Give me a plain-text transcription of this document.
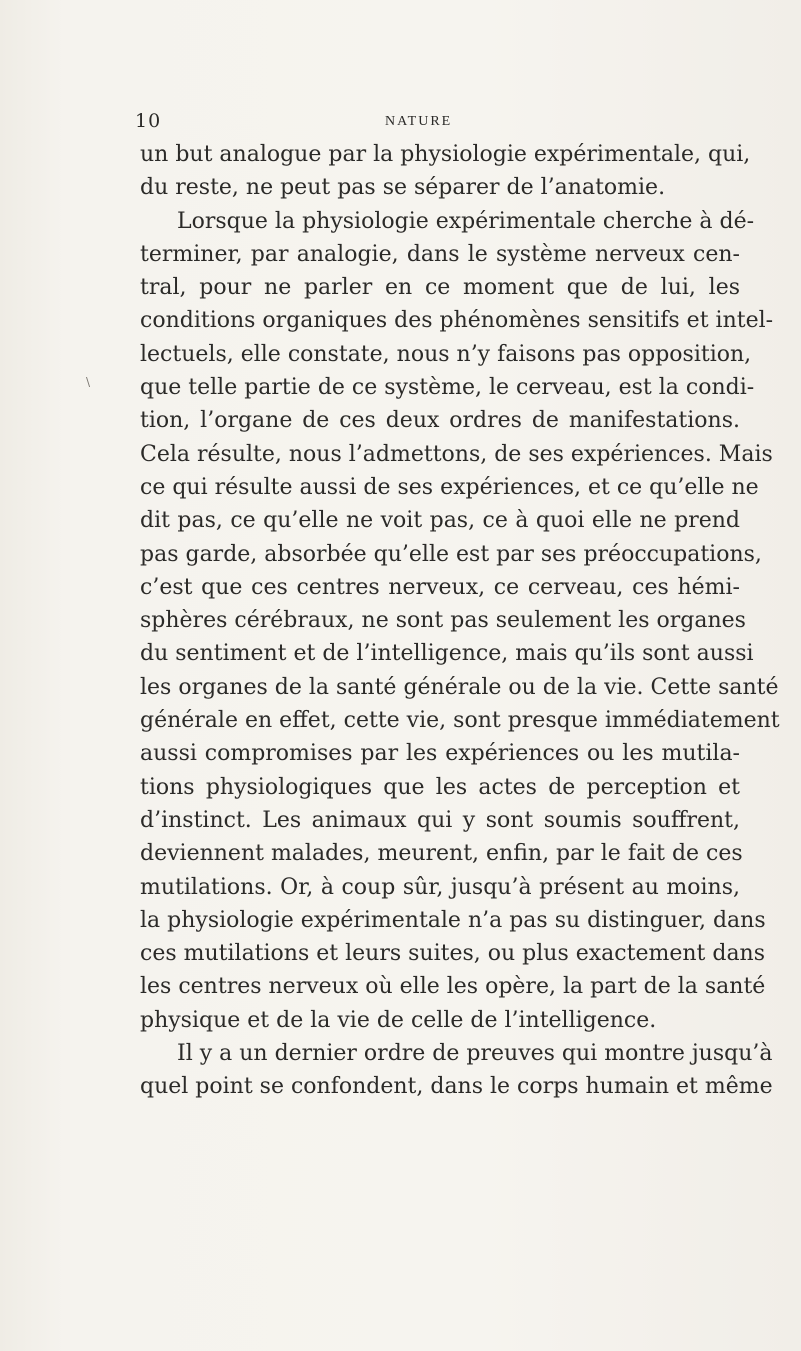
10	NATURE
\
un but analogue par la physiologie expérimentale, qui,
du reste, ne peut pas se séparer de l’anatomie.
Lorsque la physiologie expérimentale cherche à dé-
terminer, par analogie, dans le système nerveux cen-
tral, pour ne parler en ce moment que de lui, les
conditions organiques des phénomènes sensitifs et intel-
lectuels, elle constate, nous n’y faisons pas opposition,
que telle partie de ce système, le cerveau, est la condi-
tion, l’organe de ces deux ordres de manifestations.
Cela résulte, nous l’admettons, de ses expériences. Mais
ce qui résulte aussi de ses expériences, et ce qu’elle ne
dit pas, ce qu’elle ne voit pas, ce à quoi elle ne prend
pas garde, absorbée qu’elle est par ses préoccupations,
c’est que ces centres nerveux, ce cerveau, ces hémi-
sphères cérébraux, ne sont pas seulement les organes
du sentiment et de l’intelligence, mais qu’ils sont aussi
les organes de la santé générale ou de la vie. Cette santé
générale en effet, cette vie, sont presque immédiatement
aussi compromises par les expériences ou les mutila-
tions physiologiques que les actes de perception et
d’instinct. Les animaux qui y sont soumis souffrent,
deviennent malades, meurent, enfin, par le fait de ces
mutilations. Or, à coup sûr, jusqu’à présent au moins,
la physiologie expérimentale n’a pas su distinguer, dans
ces mutilations et leurs suites, ou plus exactement dans
les centres nerveux où elle les opère, la part de la santé
physique et de la vie de celle de l’intelligence.
Il y a un dernier ordre de preuves qui montre jusqu’à
quel point se confondent, dans le corps humain et même
